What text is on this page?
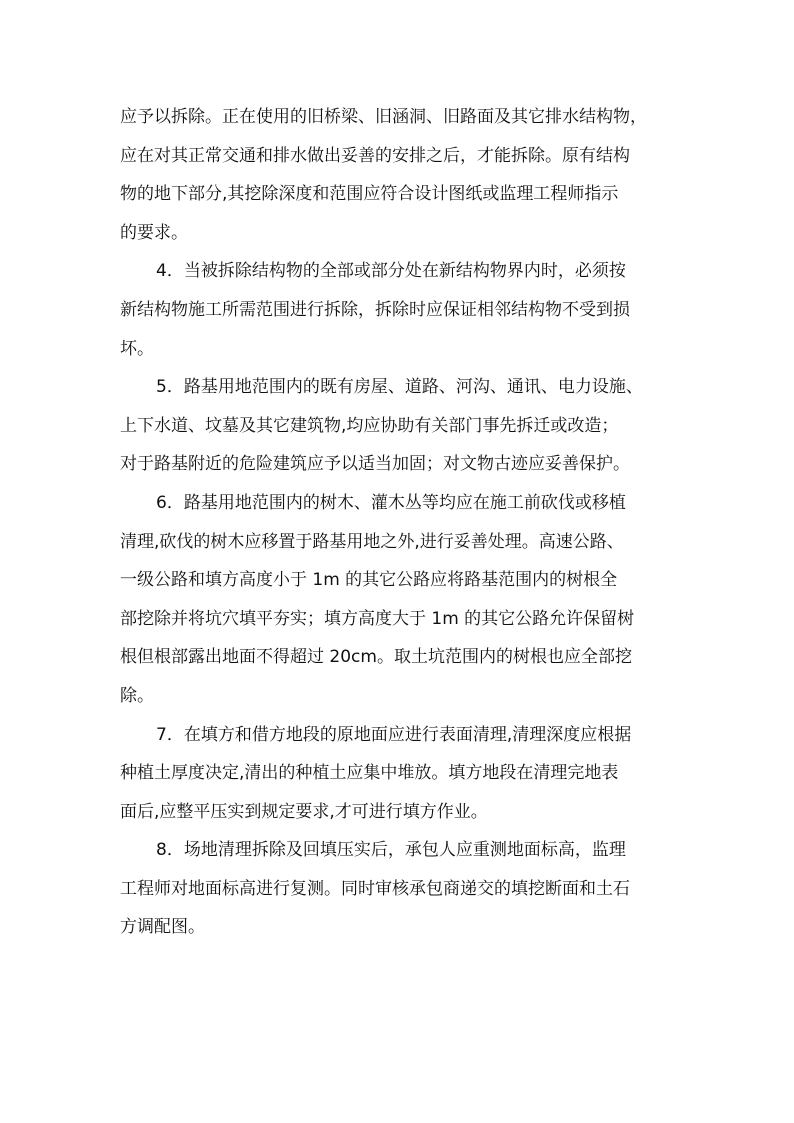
应予以拆除。正在使用的旧桥梁、旧涵洞、旧路面及其它排水结构物，
应在对其正常交通和排水做出妥善的安排之后，才能拆除。原有结构
物的地下部分,其挖除深度和范围应符合设计图纸或监理工程师指示
的要求。
4．当被拆除结构物的全部或部分处在新结构物界内时，必须按
新结构物施工所需范围进行拆除，拆除时应保证相邻结构物不受到损
坏。
5．路基用地范围内的既有房屋、道路、河沟、通讯、电力设施、
上下水道、坟墓及其它建筑物,均应协助有关部门事先拆迁或改造；
对于路基附近的危险建筑应予以适当加固；对文物古迹应妥善保护。
6．路基用地范围内的树木、灌木丛等均应在施工前砍伐或移植
清理,砍伐的树木应移置于路基用地之外,进行妥善处理。高速公路、
一级公路和填方高度小于 1m 的其它公路应将路基范围内的树根全
部挖除并将坑穴填平夯实；填方高度大于 1m 的其它公路允许保留树
根但根部露出地面不得超过 20cm。取土坑范围内的树根也应全部挖
除。
7．在填方和借方地段的原地面应进行表面清理,清理深度应根据
种植土厚度决定,清出的种植土应集中堆放。填方地段在清理完地表
面后,应整平压实到规定要求,才可进行填方作业。
8．场地清理拆除及回填压实后，承包人应重测地面标高，监理
工程师对地面标高进行复测。同时审核承包商递交的填挖断面和土石
方调配图。
